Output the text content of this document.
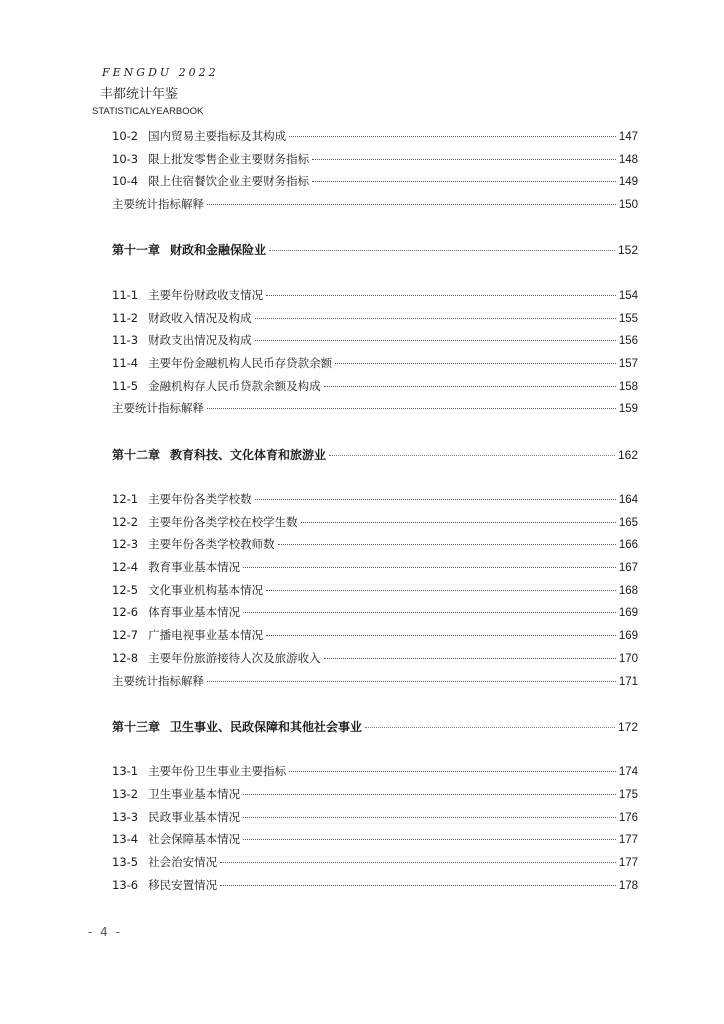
FENGDU 2022
丰都统计年鉴
STATISTICALYEARBOOK
10-2 国内贸易主要指标及其构成	147
10-3 限上批发零售企业主要财务指标	148
10-4 限上住宿餐饮企业主要财务指标	149
主要统计指标解释	150
第十一章 财政和金融保险业	152
11-1 主要年份财政收支情况	154
11-2 财政收入情况及构成	155
11-3 财政支出情况及构成	156
11-4 主要年份金融机构人民币存贷款余额	157
11-5 金融机构存人民币贷款余额及构成	158
主要统计指标解释	159
第十二章 教育科技、文化体育和旅游业	162
12-1 主要年份各类学校数	164
12-2 主要年份各类学校在校学生数	165
12-3 主要年份各类学校教师数	166
12-4 教育事业基本情况	167
12-5 文化事业机构基本情况	168
12-6 体育事业基本情况	169
12-7 广播电视事业基本情况	169
12-8 主要年份旅游接待人次及旅游收入	170
主要统计指标解释	171
第十三章 卫生事业、民政保障和其他社会事业	172
13-1 主要年份卫生事业主要指标	174
13-2 卫生事业基本情况	175
13-3 民政事业基本情况	176
13-4 社会保障基本情况	177
13-5 社会治安情况	177
13-6 移民安置情况	178
- 4 -
